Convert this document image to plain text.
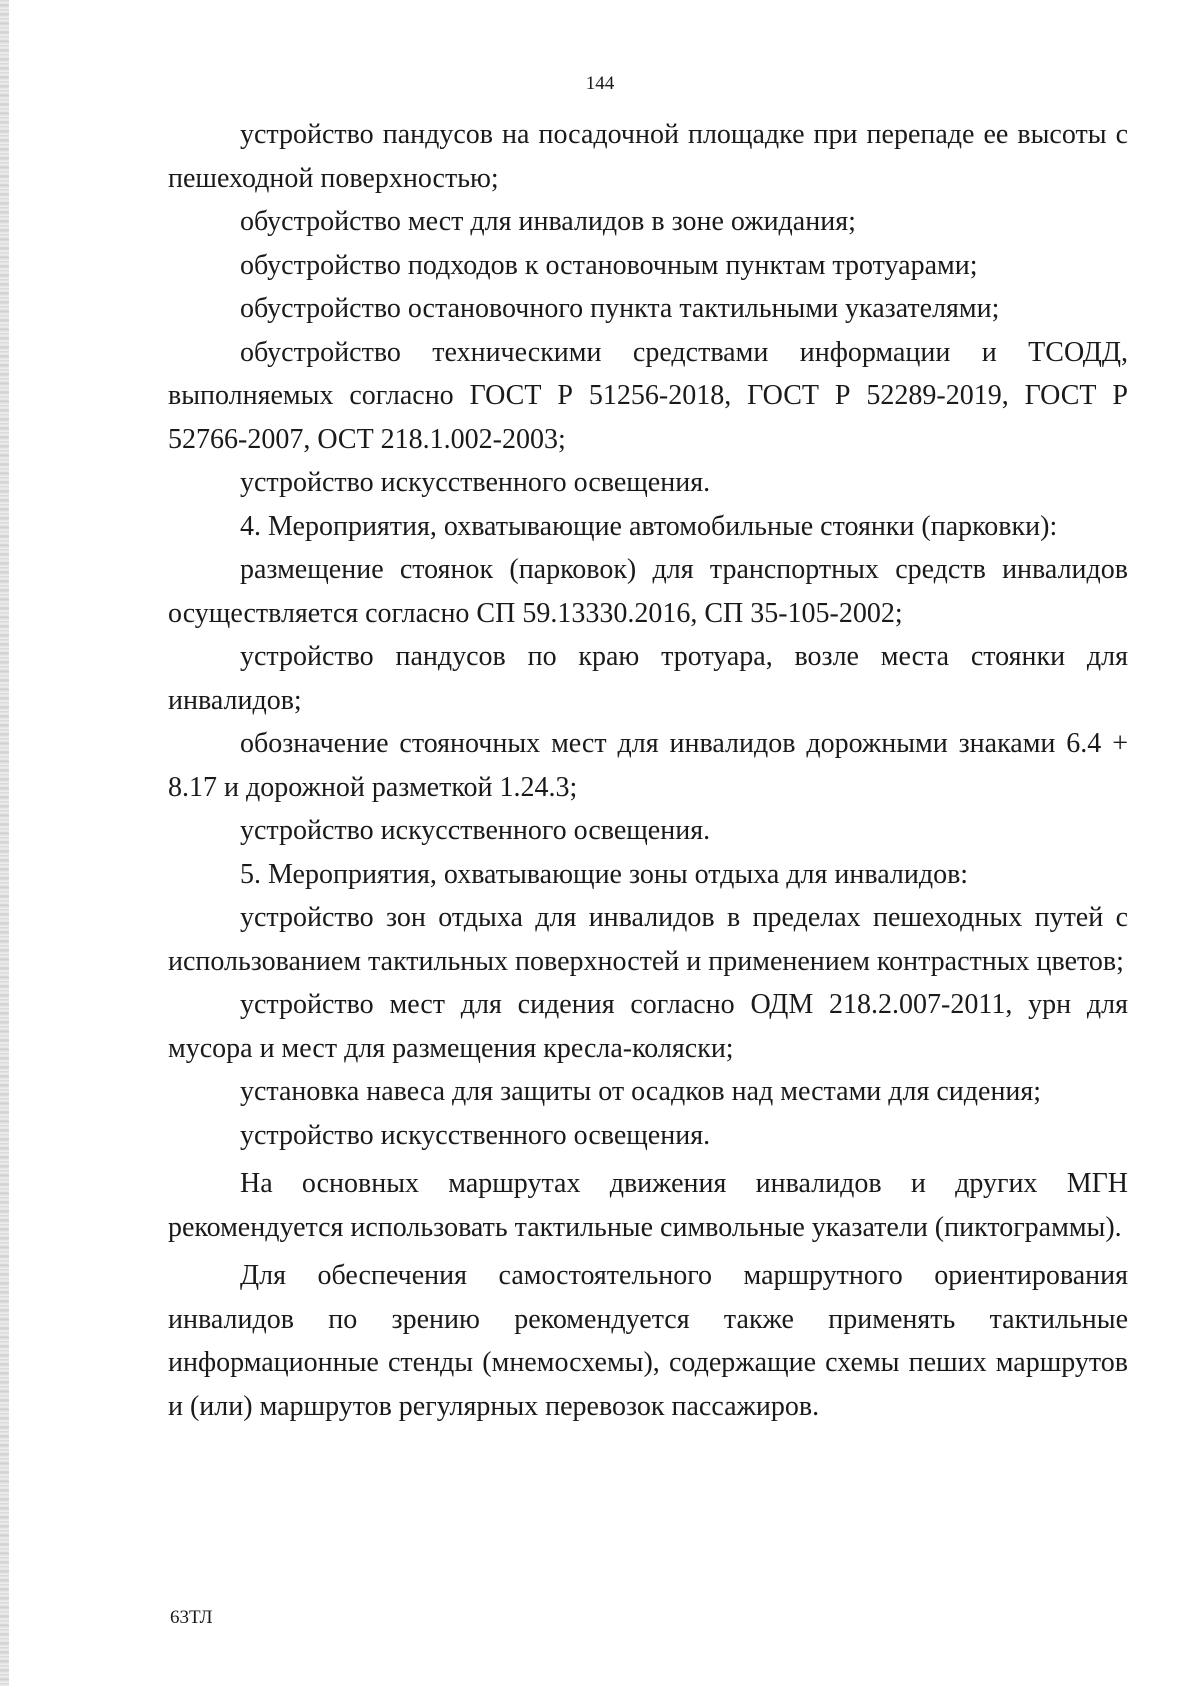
144

устройство пандусов на посадочной площадке при перепаде ее высоты с пешеходной поверхностью;

обустройство мест для инвалидов в зоне ожидания;

обустройство подходов к остановочным пунктам тротуарами;

обустройство остановочного пункта тактильными указателями;

обустройство техническими средствами информации и ТСОДД, выполняемых согласно ГОСТ Р 51256-2018, ГОСТ Р 52289-2019, ГОСТ Р 52766-2007, ОСТ 218.1.002-2003;

устройство искусственного освещения.

4. Мероприятия, охватывающие автомобильные стоянки (парковки):

размещение стоянок (парковок) для транспортных средств инвалидов осуществляется согласно СП 59.13330.2016, СП 35-105-2002;

устройство пандусов по краю тротуара, возле места стоянки для инвалидов;

обозначение стояночных мест для инвалидов дорожными знаками 6.4 + 8.17 и дорожной разметкой 1.24.3;

устройство искусственного освещения.

5. Мероприятия, охватывающие зоны отдыха для инвалидов:

устройство зон отдыха для инвалидов в пределах пешеходных путей с использованием тактильных поверхностей и применением контрастных цветов;

устройство мест для сидения согласно ОДМ 218.2.007-2011, урн для мусора и мест для размещения кресла-коляски;

установка навеса для защиты от осадков над местами для сидения;

устройство искусственного освещения.

На основных маршрутах движения инвалидов и других МГН рекомендуется использовать тактильные символьные указатели (пиктограммы).

Для обеспечения самостоятельного маршрутного ориентирования инвалидов по зрению рекомендуется также применять тактильные информационные стенды (мнемосхемы), содержащие схемы пеших маршрутов и (или) маршрутов регулярных перевозок пассажиров.

63ТЛ
